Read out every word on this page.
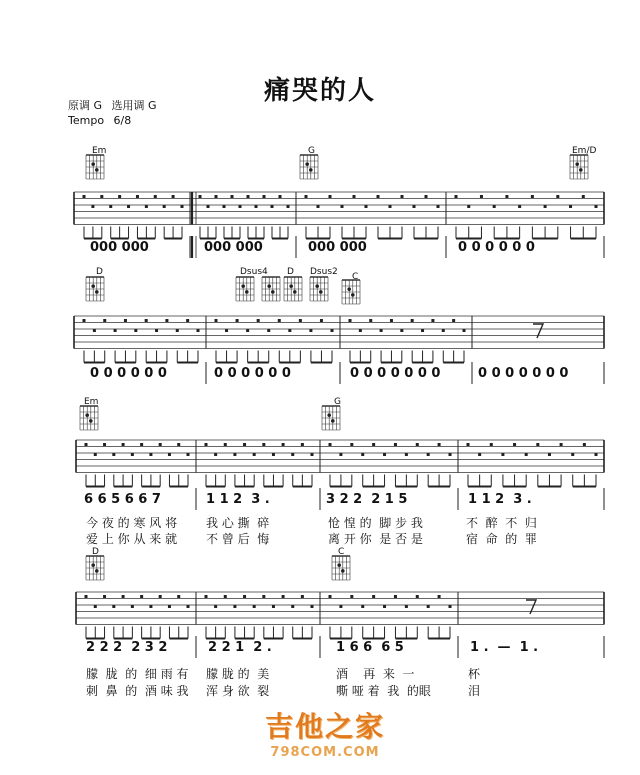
痛哭的人
原调 G 选用调 G
Tempo 6/8
Em	G	Em/D
D	Dsus4 D Dsus2 C
Em	G
D	C
000 000	000 000	000 000	0 0 0 0 0 0
0 0 0 0 0 0	0 0 0 0 0 0	0 0 0 0 0 0 0	0 0 0 0 0 0 0
6 6 5 6 6 7	1 1 2  3 .	3 2 2  2 1 5	1 1 2  3 .
2 2 2  2 3 2	2 2 1  2 .	1 6 6  6 5	1 .  —  1 .
今 夜 的 寒 风 将 我 心 撕  碎	怆 惶 的  脚 步 我	不  醉  不  归
爱 上 你 从 来 就 不 曾 后  悔	离 开 你  是 否 是	宿  命  的  罪
朦  胧  的  细 雨 有 朦 胧 的  美	酒    再  来  一	杯
刺  鼻  的  酒 味 我 浑 身 欲  裂	嘶 哑 着  我  的眼	泪
吉他之家
798COM.COM
